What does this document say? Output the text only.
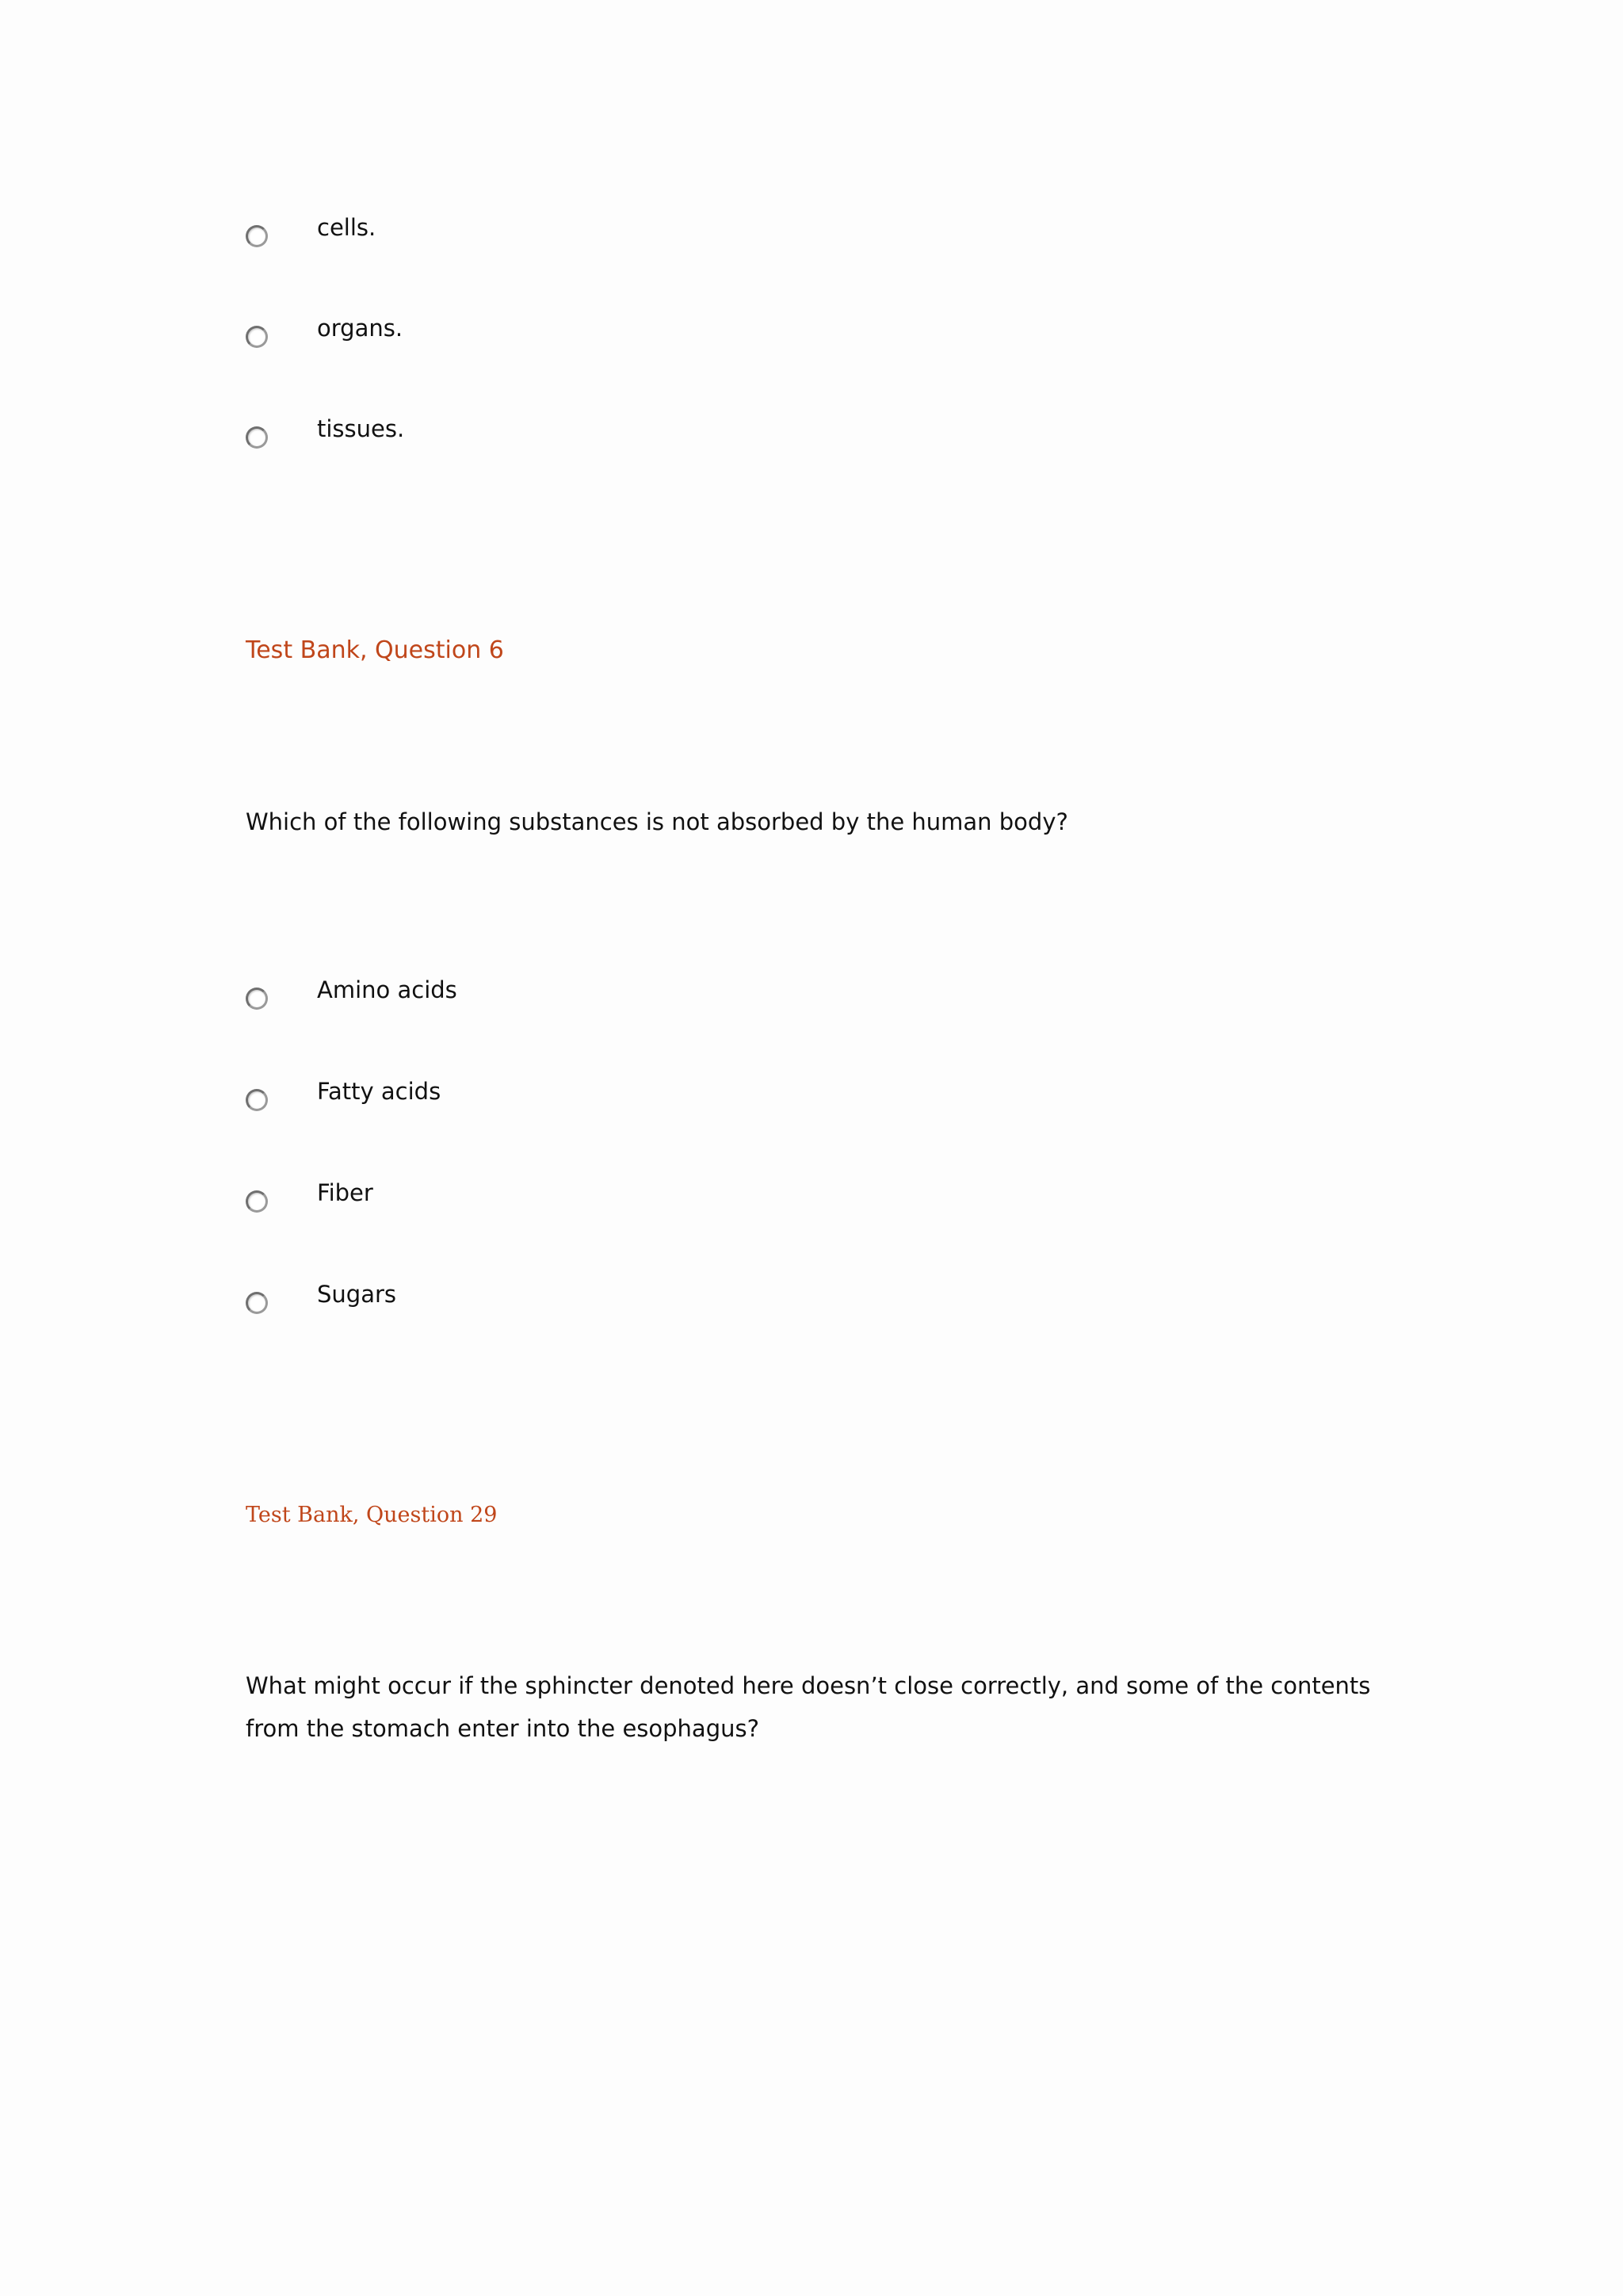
cells.
organs.
tissues.
Test Bank, Question 6
Which of the following substances is not absorbed by the human body?
Amino acids
Fatty acids
Fiber
Sugars
Test Bank, Question 29
What might occur if the sphincter denoted here doesn’t close correctly, and some of the contents from the stomach enter into the esophagus?
